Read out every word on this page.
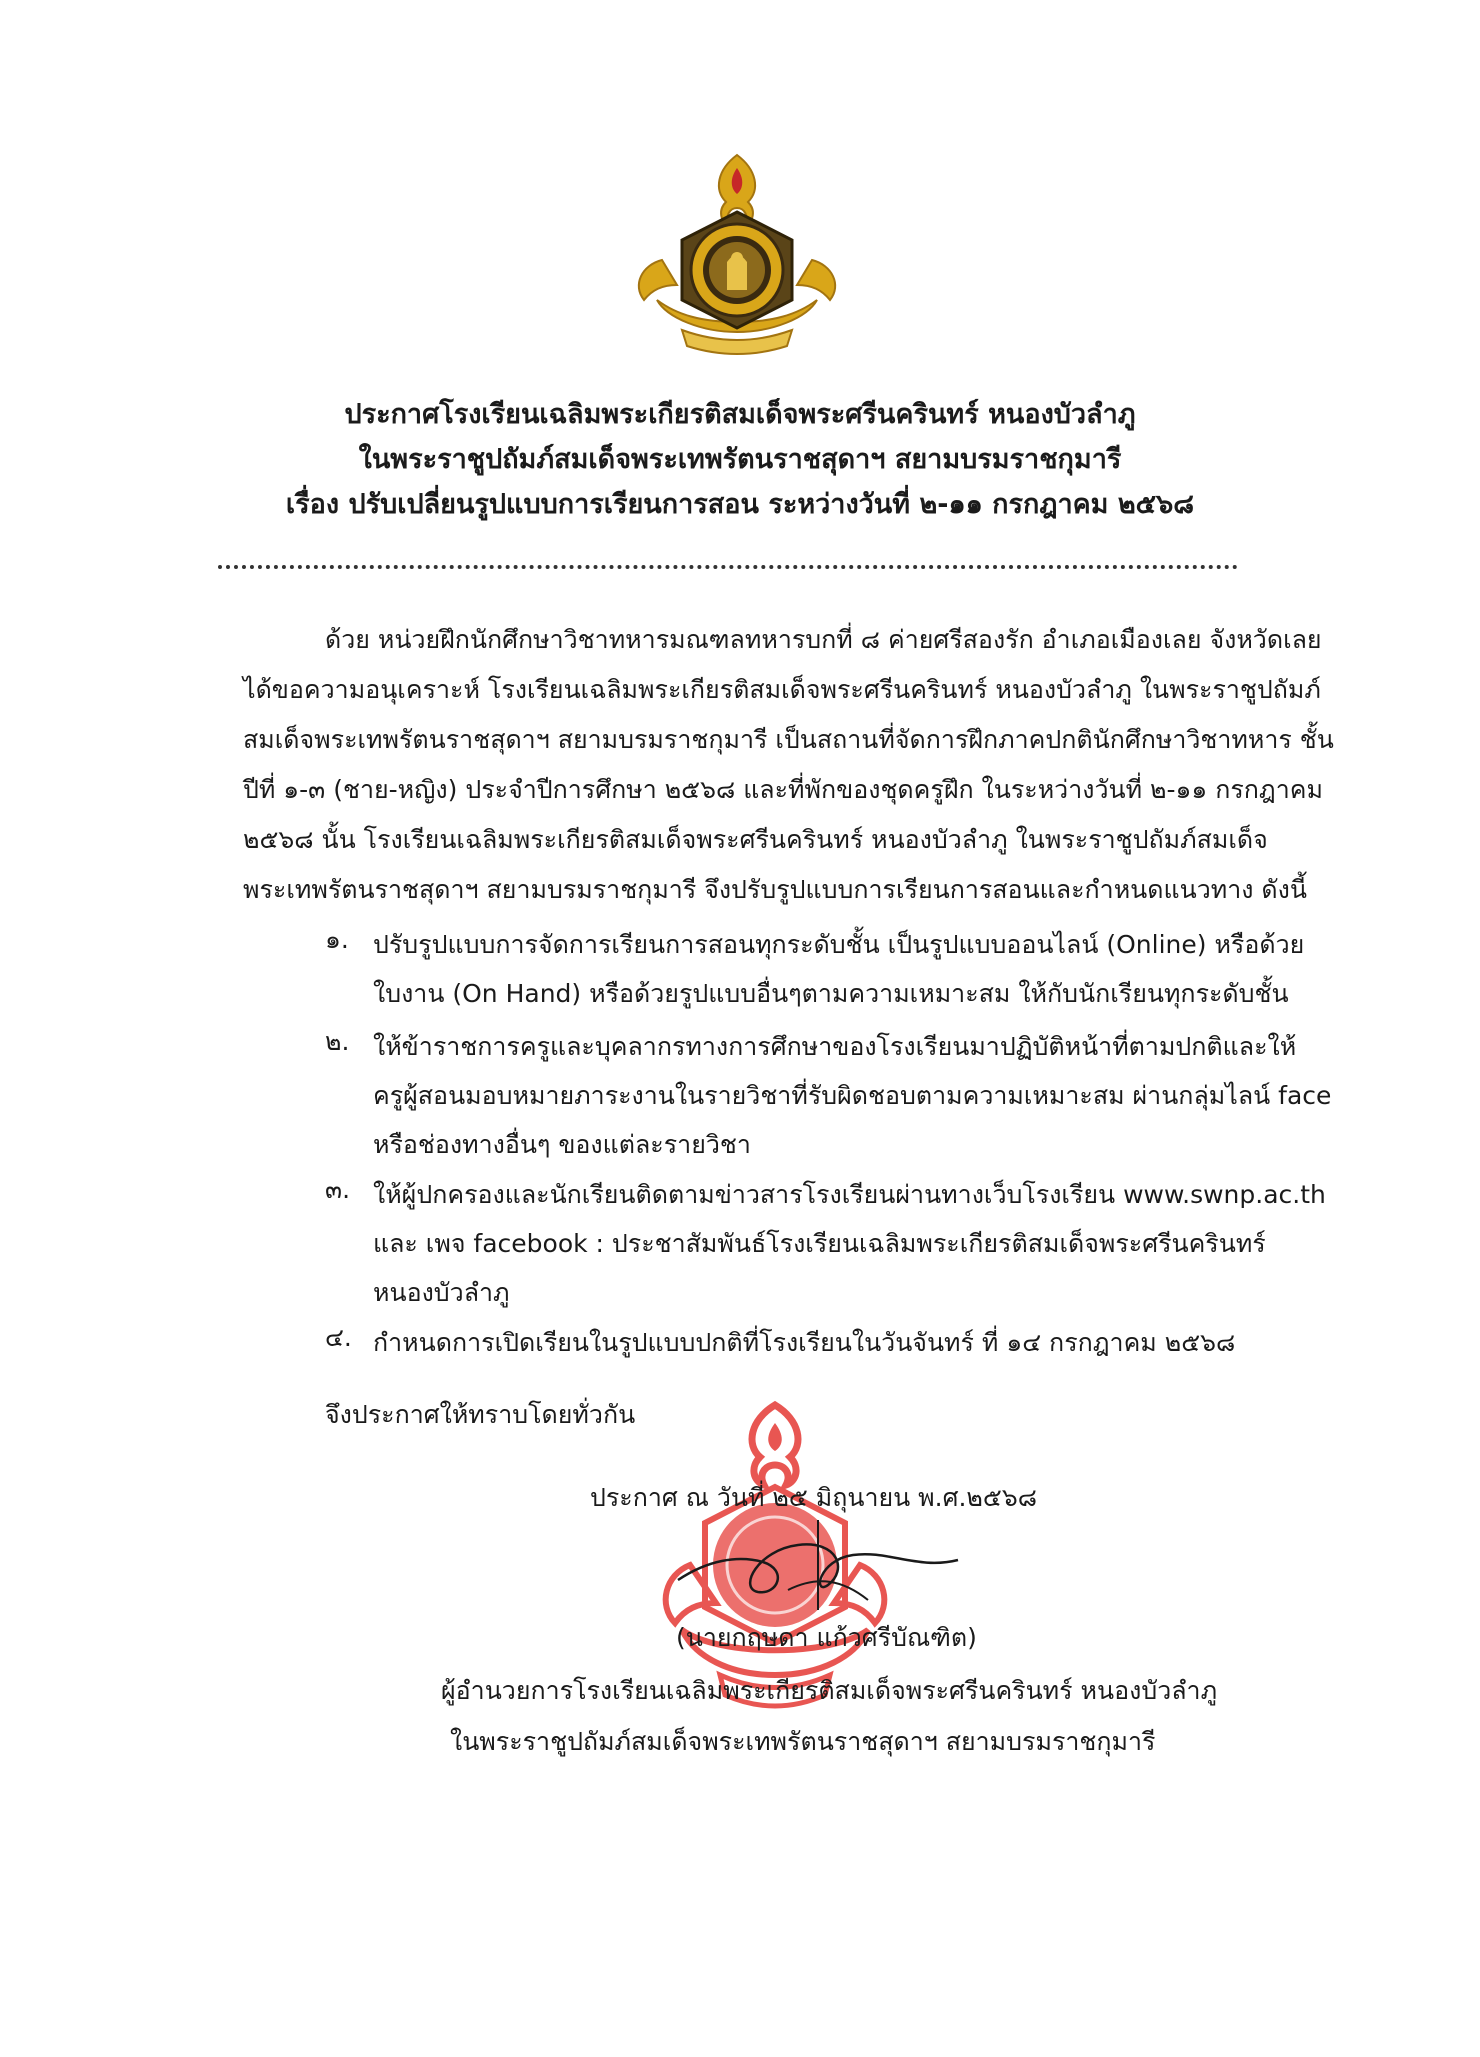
ประกาศโรงเรียนเฉลิมพระเกียรติสมเด็จพระศรีนครินทร์ หนองบัวลำภู
ในพระราชูปถัมภ์สมเด็จพระเทพรัตนราชสุดาฯ สยามบรมราชกุมารี
เรื่อง ปรับเปลี่ยนรูปแบบการเรียนการสอน ระหว่างวันที่ ๒-๑๑ กรกฎาคม ๒๕๖๘
ด้วย หน่วยฝึกนักศึกษาวิชาทหารมณฑลทหารบกที่ ๘ ค่ายศรีสองรัก อำเภอเมืองเลย จังหวัดเลย
ได้ขอความอนุเคราะห์ โรงเรียนเฉลิมพระเกียรติสมเด็จพระศรีนครินทร์ หนองบัวลำภู ในพระราชูปถัมภ์
สมเด็จพระเทพรัตนราชสุดาฯ สยามบรมราชกุมารี เป็นสถานที่จัดการฝึกภาคปกตินักศึกษาวิชาทหาร ชั้น
ปีที่ ๑-๓ (ชาย-หญิง) ประจำปีการศึกษา ๒๕๖๘ และที่พักของชุดครูฝึก ในระหว่างวันที่ ๒-๑๑ กรกฎาคม
๒๕๖๘ นั้น โรงเรียนเฉลิมพระเกียรติสมเด็จพระศรีนครินทร์ หนองบัวลำภู ในพระราชูปถัมภ์สมเด็จ
พระเทพรัตนราชสุดาฯ สยามบรมราชกุมารี จึงปรับรูปแบบการเรียนการสอนและกำหนดแนวทาง ดังนี้
๑. ปรับรูปแบบการจัดการเรียนการสอนทุกระดับชั้น เป็นรูปแบบออนไลน์ (Online) หรือด้วย
ใบงาน (On Hand) หรือด้วยรูปแบบอื่นๆตามความเหมาะสม ให้กับนักเรียนทุกระดับชั้น
๒. ให้ข้าราชการครูและบุคลากรทางการศึกษาของโรงเรียนมาปฏิบัติหน้าที่ตามปกติและให้
ครูผู้สอนมอบหมายภาระงานในรายวิชาที่รับผิดชอบตามความเหมาะสม ผ่านกลุ่มไลน์ face
หรือช่องทางอื่นๆ ของแต่ละรายวิชา
๓. ให้ผู้ปกครองและนักเรียนติดตามข่าวสารโรงเรียนผ่านทางเว็บโรงเรียน www.swnp.ac.th
และ เพจ facebook : ประชาสัมพันธ์โรงเรียนเฉลิมพระเกียรติสมเด็จพระศรีนครินทร์
หนองบัวลำภู
๔. กำหนดการเปิดเรียนในรูปแบบปกติที่โรงเรียนในวันจันทร์ ที่ ๑๔ กรกฎาคม ๒๕๖๘
จึงประกาศให้ทราบโดยทั่วกัน
ประกาศ ณ วันที่ ๒๕ มิถุนายน พ.ศ.๒๕๖๘
(นายกฤษดา แก้วศรีบัณฑิต)
ผู้อำนวยการโรงเรียนเฉลิมพระเกียรติสมเด็จพระศรีนครินทร์ หนองบัวลำภู
ในพระราชูปถัมภ์สมเด็จพระเทพรัตนราชสุดาฯ สยามบรมราชกุมารี
